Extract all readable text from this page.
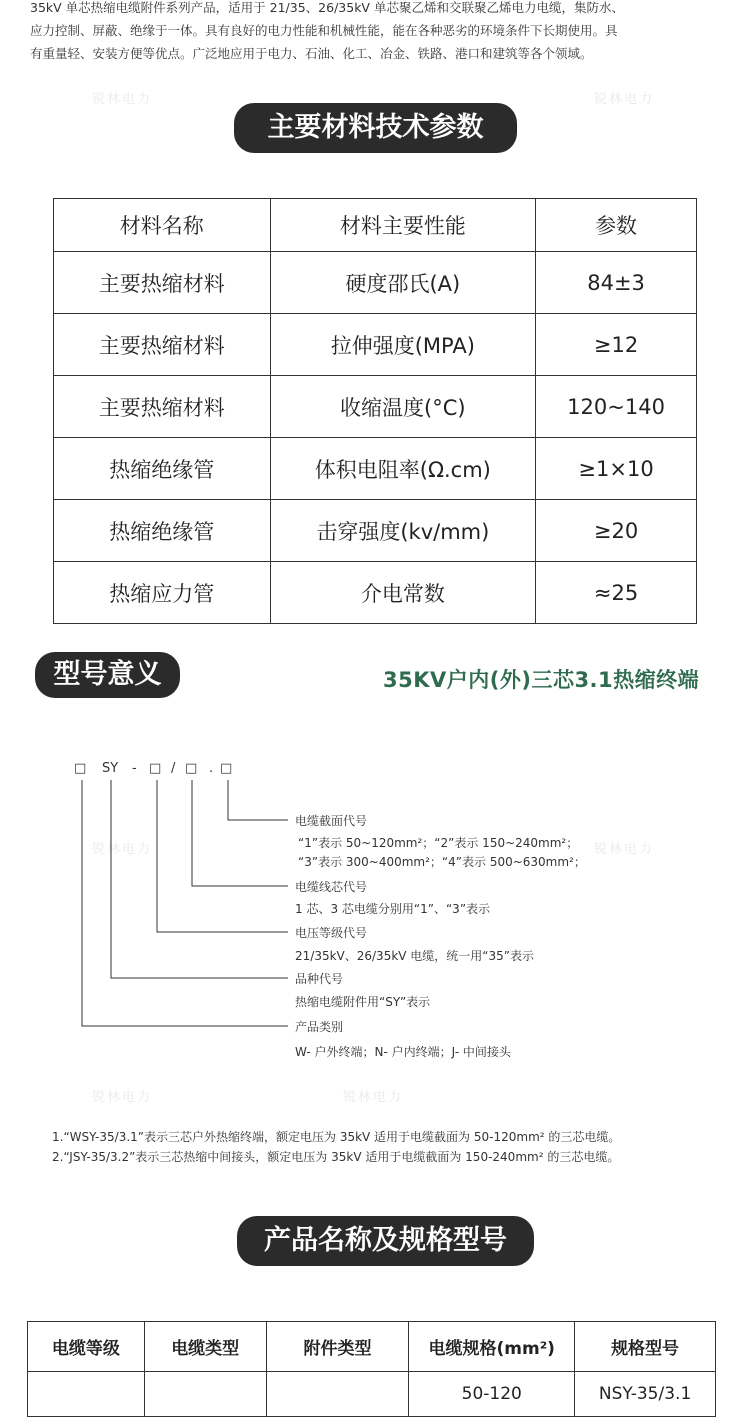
锐林电力	锐林电力
锐林电力	锐林电力
锐林电力	锐林电力
35kV 单芯热缩电缆附件系列产品，适用于 21/35、26/35kV 单芯聚乙烯和交联聚乙烯电力电缆，集防水、
应力控制、屏蔽、绝缘于一体。具有良好的电力性能和机械性能，能在各种恶劣的环境条件下长期使用。具
有重量轻、安装方便等优点。广泛地应用于电力、石油、化工、冶金、铁路、港口和建筑等各个领域。
主要材料技术参数
材料名称	材料主要性能	参数
主要热缩材料	硬度邵氏(A)	84±3
主要热缩材料	拉伸强度(MPA)	≥12
主要热缩材料	收缩温度(°C)	120~140
热缩绝缘管	体积电阻率(Ω.cm)	≥1×10
热缩绝缘管	击穿强度(kv/mm)	≥20
热缩应力管	介电常数	≈25
型号意义	35KV户内(外)三芯3.1热缩终端
□ SY - □ / □ . □
电缆截面代号
“1”表示 50~120mm²；“2”表示 150~240mm²；
“3”表示 300~400mm²；“4”表示 500~630mm²；
电缆线芯代号
1 芯、3 芯电缆分别用“1”、“3”表示
电压等级代号
21/35kV、26/35kV 电缆，统一用“35”表示
品种代号
热缩电缆附件用“SY”表示
产品类别
W- 户外终端；N- 户内终端；J- 中间接头
1.“WSY-35/3.1”表示三芯户外热缩终端，额定电压为 35kV 适用于电缆截面为 50-120mm² 的三芯电缆。
2.“JSY-35/3.2”表示三芯热缩中间接头，额定电压为 35kV 适用于电缆截面为 150-240mm² 的三芯电缆。
产品名称及规格型号
电缆等级	电缆类型	附件类型	电缆规格(mm²)	规格型号
			50-120	NSY-35/3.1
